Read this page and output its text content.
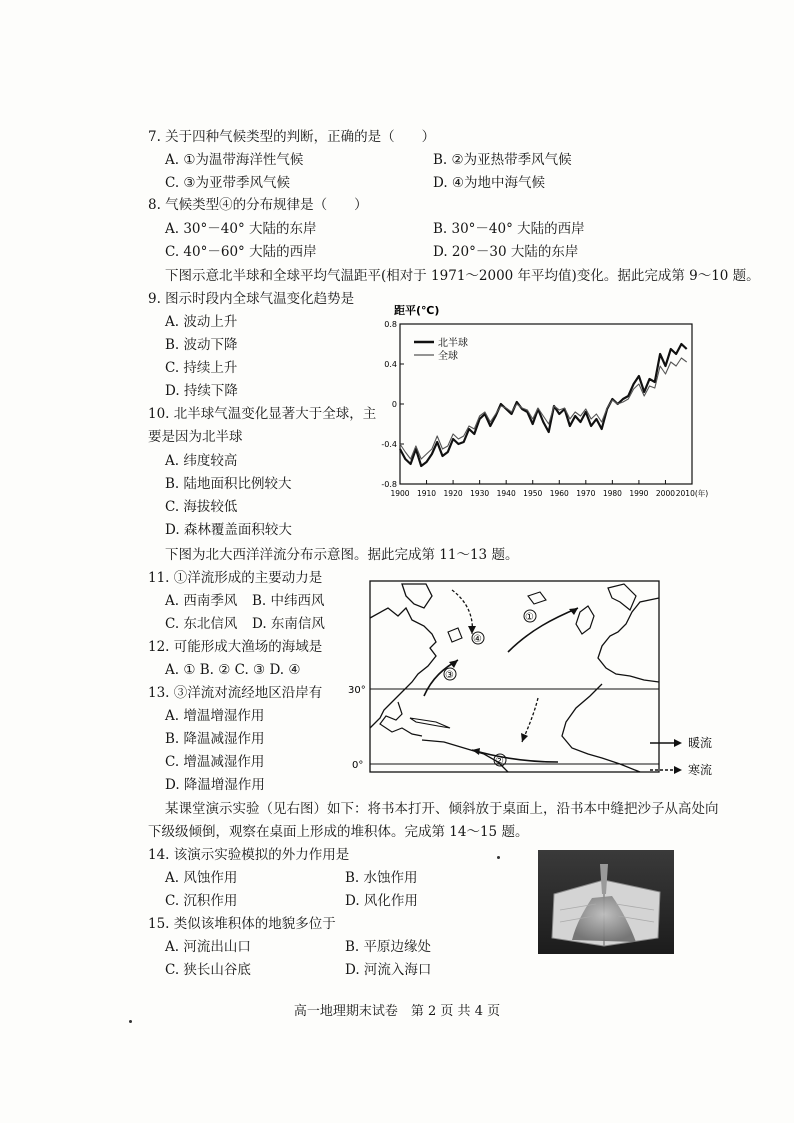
7. 关于四种气候类型的判断，正确的是（　　）
A. ①为温带海洋性气候	B. ②为亚热带季风气候
C. ③为亚带季风气候	D. ④为地中海气候
8. 气候类型④的分布规律是（　　）
A. 30°－40° 大陆的东岸	B. 30°－40° 大陆的西岸
C. 40°－60° 大陆的西岸	D. 20°－30 大陆的东岸
下图示意北半球和全球平均气温距平(相对于 1971～2000 年平均值)变化。据此完成第 9～10 题。
9. 图示时段内全球气温变化趋势是
A. 波动上升
B. 波动下降
C. 持续上升
D. 持续下降
10. 北半球气温变化显著大于全球，主
要是因为北半球
A. 纬度较高
B. 陆地面积比例较大
C. 海拔较低
D. 森林覆盖面积较大
距平(℃)
0.8
0.4
0
-0.4
-0.8
1900 1910 1920 1930 1940 1950 1960 1970 1980 1990 2000 2010(年)
北半球
全球
下图为北大西洋洋流分布示意图。据此完成第 11～13 题。
11. ①洋流形成的主要动力是
A. 西南季风 B. 中纬西风
C. 东北信风 D. 东南信风
12. 可能形成大渔场的海域是
A. ① B. ② C. ③ D. ④
13. ③洋流对流经地区沿岸有
A. 增温增湿作用
B. 降温减湿作用
C. 增温减湿作用
D. 降温增湿作用
30°
0°
①
④
③
②
暖流
寒流
某课堂演示实验（见右图）如下：将书本打开、倾斜放于桌面上，沿书本中缝把沙子从高处向
下级级倾倒，观察在桌面上形成的堆积体。完成第 14～15 题。
14. 该演示实验模拟的外力作用是
A. 风蚀作用	B. 水蚀作用
C. 沉积作用	D. 风化作用
15. 类似该堆积体的地貌多位于
A. 河流出山口	B. 平原边缘处
C. 狭长山谷底	D. 河流入海口
高一地理期末试卷　第 2 页 共 4 页
